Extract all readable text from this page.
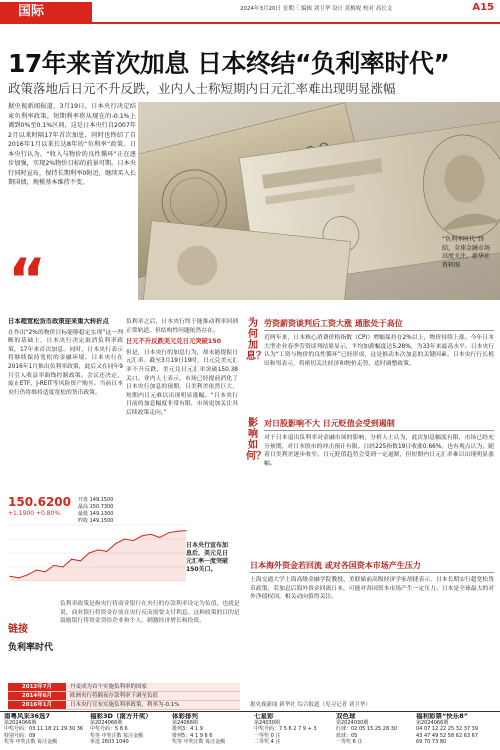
国际	2024年3月20日 星期三 编辑 刘卫华 设计 黄梅妮 校对 高长文	A15
17年来首次加息 日本终结“负利率时代”
政策落地后日元不升反跌，业内人士称短期内日元汇率难出现明显涨幅
据央视新闻报道，3月19日，日本央行决定结束负利率政策，短期利率将从现在的-0.1%上调到0%至0.1%区间，这是日本央行自2007年2月以来时隔17年首次加息，同时也终结了自2016年1月以来长达8年的“负利率”政策。日本央行认为，“收入与物价的良性循环”正在逐步加强，实现2%物价目标的前景可期。日本央行同时宣布，保持长期利率0附近，继续买入长期国债，规模基本维持不变。
“
“负利率时代”终结，全球金融市场高度关注。新华社资料图
日本超宽松货币政策迎来重大转折点
在作出“2%的物价目标能够稳定实现”这一判断的基础上，日本央行决定取消负利率政策，17年来首次加息。同时，日本央行表示将继续保持宽松的金融环境。日本央行在2016年1月推出负利率政策，此后又在同年9月引入收益率曲线控制政策。会议还决定，废止ETF、J-REIT等风险资产购买。当前日本央行仍将维持适度宽松的货币政策。
负利率之后，日本央行终于能推动利率回到正常轨道，但结构性问题依然存在。
日元不升反跌美元兑日元突破150
但是，日本央行的加息行为，却未能提振日元汇率。截至3月19日19时，日元兑美元汇率不升反跌，美元兑日元汇率突破150.38关口。业内人士表示，市场已经提前消化了日本央行加息的预期，日美利差依然巨大，短期内日元难以出现明显涨幅。“日本央行目前的加息幅度非常有限，市场更加关注其后续政策走向。”
为何加息？
劳资薪资谈判后工资大涨 通胀处于高位
近两年来，日本核心消费价格指数（CPI）增幅保持在2%以上，物价持续上涨。今年日本大型企业春季劳资谈判结果显示，平均加薪幅度达5.28%，为33年来最高水平。日本央行认为“工资与物价的良性循环”已经形成，这是推动本次加息的关键因素。日本央行行长植田和男表示，将密切关注经济和物价走势，适时调整政策。
影响如何？
对日股影响不大 日元贬值会受到遏制
对于日本退出负利率对金融市场的影响，分析人士认为，此次加息幅度有限，市场已经充分预期，对日本股市的冲击预计有限。日经225指数19日收涨0.66%。也有观点认为，随着日美利差逐步收窄，日元贬值趋势会受到一定遏制，但短期内日元汇率难以出现明显涨幅。
日本海外资金若回流 或对各国资本市场产生压力
上海交通大学上海高级金融学院教授、美联储前高级经济学家胡捷表示，日本长期实行超宽松货币政策，若加息后海外资金回流日本，可能对各国资本市场产生一定压力。日本是全球最大的对外净债权国，相关动向值得关注。
150.6200
+1.1900 +0.80%
开盘 149.1500
最高 150.7300
最低 149.1300
昨收 149.1500
日本央行宣布加息后，美元兑日元汇率一度突破150关口。
链接
负利率时代
负利率政策是指央行将商业银行在央行的存款利率设定为负值，也就是说，商业银行将资金存放在央行反而需要支付利息。这种政策的目的是鼓励银行将资金贷给企业和个人，刺激经济增长和投资。
2012年7月	丹麦成为首个实施负利率的国家
2014年6月	欧洲央行将隔夜存款利率下调至负值
2016年1月	日本央行宣布实施负利率政策，利率为-0.1%	据央视新闻 新华社 综合报道（见习记者 刘卫华）
南粤风采36选7
第2024066期
中奖号码：03 11 18 21 29 30 36
特别号码：09
奖等 中奖注数 每注金额
福彩3D（南方开奖）
第2024066期
中奖号码：5 8 6
奖等 中奖注数 每注金额
单选 2603 1040
体彩排列
第24066期
排列3：4 1 9
排列5：4 1 9 6 6
奖等 中奖注数 每注金额
七星彩
第24030期
中奖号码：7 5 6 2 7 9 + 3
一等奖 0 注
二等奖 4 注
双色球
第2024030期
红球：02 05 15 25 28 30
蓝球：05
一等奖 6 注
福利彩票“快乐8”
第2024066期
04 07 12 22 25 32 37 39
43 47 49 52 58 62 63 67
69 70 73 80
